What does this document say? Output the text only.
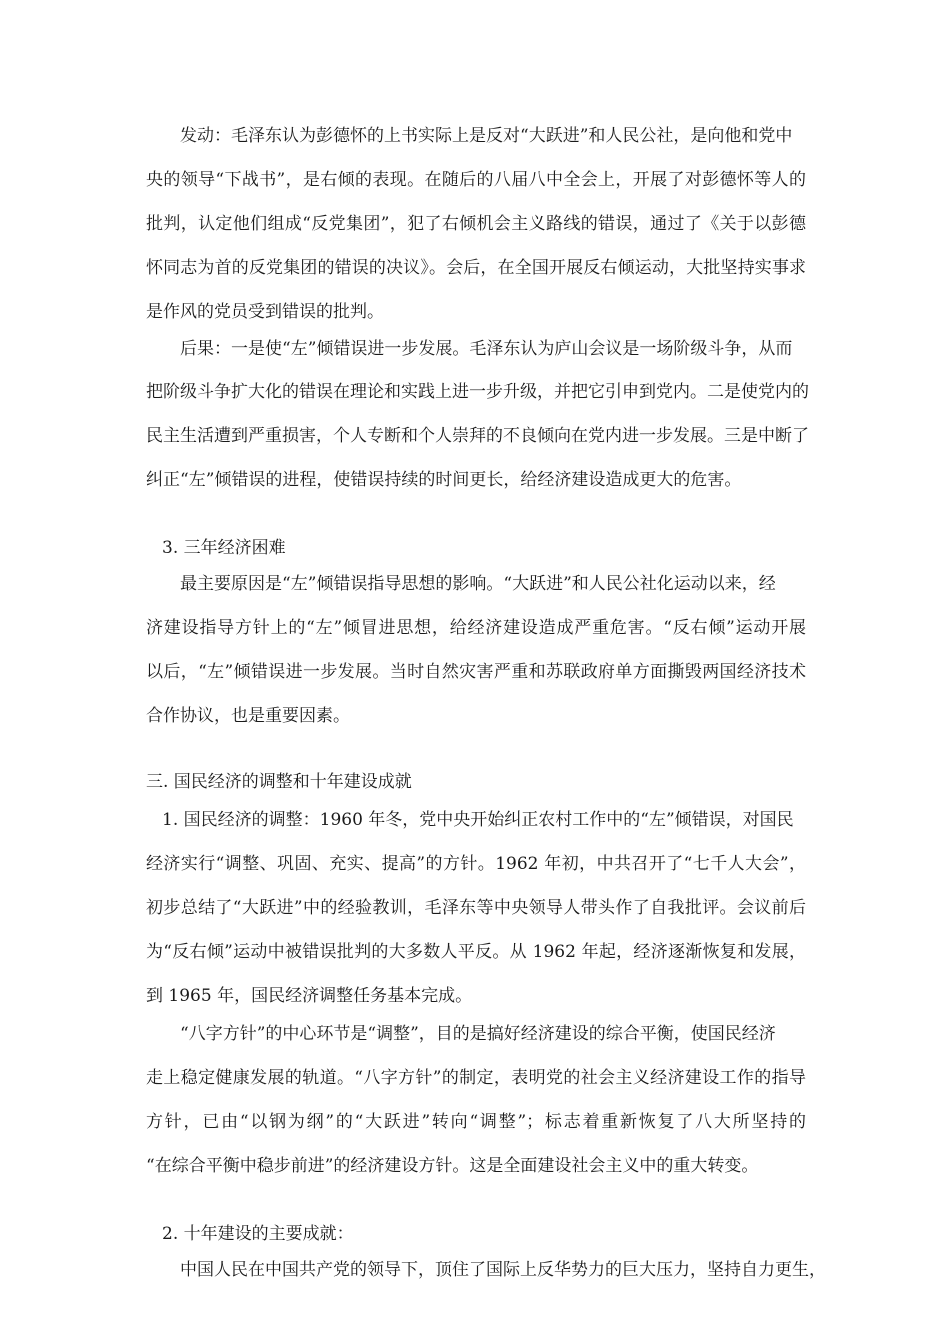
发动：毛泽东认为彭德怀的上书实际上是反对“大跃进”和人民公社，是向他和党中
央的领导“下战书”，是右倾的表现。在随后的八届八中全会上，开展了对彭德怀等人的
批判，认定他们组成“反党集团”，犯了右倾机会主义路线的错误，通过了《关于以彭德
怀同志为首的反党集团的错误的决议》。会后，在全国开展反右倾运动，大批坚持实事求
是作风的党员受到错误的批判。
后果：一是使“左”倾错误进一步发展。毛泽东认为庐山会议是一场阶级斗争，从而
把阶级斗争扩大化的错误在理论和实践上进一步升级，并把它引申到党内。二是使党内的
民主生活遭到严重损害，个人专断和个人崇拜的不良倾向在党内进一步发展。三是中断了
纠正“左”倾错误的进程，使错误持续的时间更长，给经济建设造成更大的危害。
3. 三年经济困难
最主要原因是“左”倾错误指导思想的影响。“大跃进”和人民公社化运动以来，经
济建设指导方针上的“左”倾冒进思想，给经济建设造成严重危害。“反右倾”运动开展
以后，“左”倾错误进一步发展。当时自然灾害严重和苏联政府单方面撕毁两国经济技术
合作协议，也是重要因素。
三. 国民经济的调整和十年建设成就
1. 国民经济的调整：1960 年冬，党中央开始纠正农村工作中的“左”倾错误，对国民
经济实行“调整、巩固、充实、提高”的方针。1962 年初，中共召开了“七千人大会”，
初步总结了“大跃进”中的经验教训，毛泽东等中央领导人带头作了自我批评。会议前后
为“反右倾”运动中被错误批判的大多数人平反。从 1962 年起，经济逐渐恢复和发展，
到 1965 年，国民经济调整任务基本完成。
“八字方针”的中心环节是“调整”，目的是搞好经济建设的综合平衡，使国民经济
走上稳定健康发展的轨道。“八字方针”的制定，表明党的社会主义经济建设工作的指导
方针，已由“以钢为纲”的“大跃进”转向“调整”；标志着重新恢复了八大所坚持的
“在综合平衡中稳步前进”的经济建设方针。这是全面建设社会主义中的重大转变。
2. 十年建设的主要成就：
中国人民在中国共产党的领导下，顶住了国际上反华势力的巨大压力，坚持自力更生，
